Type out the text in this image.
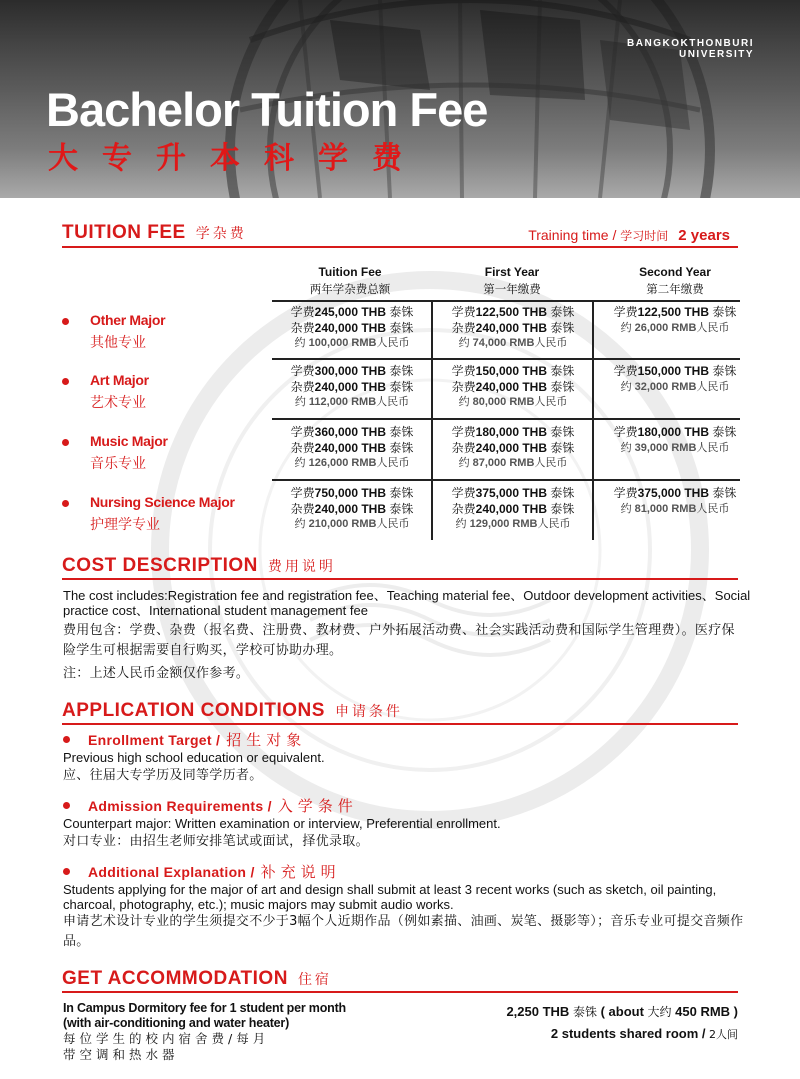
BANGKOKTHONBURI
UNIVERSITY
Bachelor Tuition Fee
大专升本科学费
TUITION FEE 学杂费	Training time / 学习时间 2 years
Tuition Fee
两年学杂费总额
First Year
第一年缴费
Second Year
第二年缴费
Other Major
其他专业
学费245,000 THB 泰铢
杂费240,000 THB 泰铢
约 100,000 RMB人民币
学费122,500 THB 泰铢
杂费240,000 THB 泰铢
约 74,000 RMB人民币
学费122,500 THB 泰铢
约 26,000 RMB人民币
Art Major
艺术专业
学费300,000 THB 泰铢
杂费240,000 THB 泰铢
约 112,000 RMB人民币
学费150,000 THB 泰铢
杂费240,000 THB 泰铢
约 80,000 RMB人民币
学费150,000 THB 泰铢
约 32,000 RMB人民币
Music Major
音乐专业
学费360,000 THB 泰铢
杂费240,000 THB 泰铢
约 126,000 RMB人民币
学费180,000 THB 泰铢
杂费240,000 THB 泰铢
约 87,000 RMB人民币
学费180,000 THB 泰铢
约 39,000 RMB人民币
Nursing Science Major
护理学专业
学费750,000 THB 泰铢
杂费240,000 THB 泰铢
约 210,000 RMB人民币
学费375,000 THB 泰铢
杂费240,000 THB 泰铢
约 129,000 RMB人民币
学费375,000 THB 泰铢
约 81,000 RMB人民币
COST DESCRIPTION 费用说明
The cost includes:Registration fee and registration fee、Teaching material fee、Outdoor development activities、Social practice cost、International student management fee
费用包含：学费、杂费（报名费、注册费、教材费、户外拓展活动费、社会实践活动费和国际学生管理费）。医疗保险学生可根据需要自行购买，学校可协助办理。
注：上述人民币金额仅作参考。
APPLICATION CONDITIONS 申请条件
Enrollment Target / 招生对象
Previous high school education or equivalent.
应、往届大专学历及同等学历者。
Admission Requirements / 入学条件
Counterpart major: Written examination or interview, Preferential enrollment.
对口专业：由招生老师安排笔试或面试，择优录取。
Additional Explanation / 补充说明
Students applying for the major of art and design shall submit at least 3 recent works (such as sketch, oil painting, charcoal, photography, etc.); music majors may submit audio works.
申请艺术设计专业的学生须提交不少于3幅个人近期作品（例如素描、油画、炭笔、摄影等）；音乐专业可提交音频作品。
GET ACCOMMODATION 住宿
In Campus Dormitory fee for 1 student per month
(with air-conditioning and water heater)
每位学生的校内宿舍费/每月
带空调和热水器
2,250 THB 泰铢 ( about 大约 450 RMB )
2 students shared room / 2人间
